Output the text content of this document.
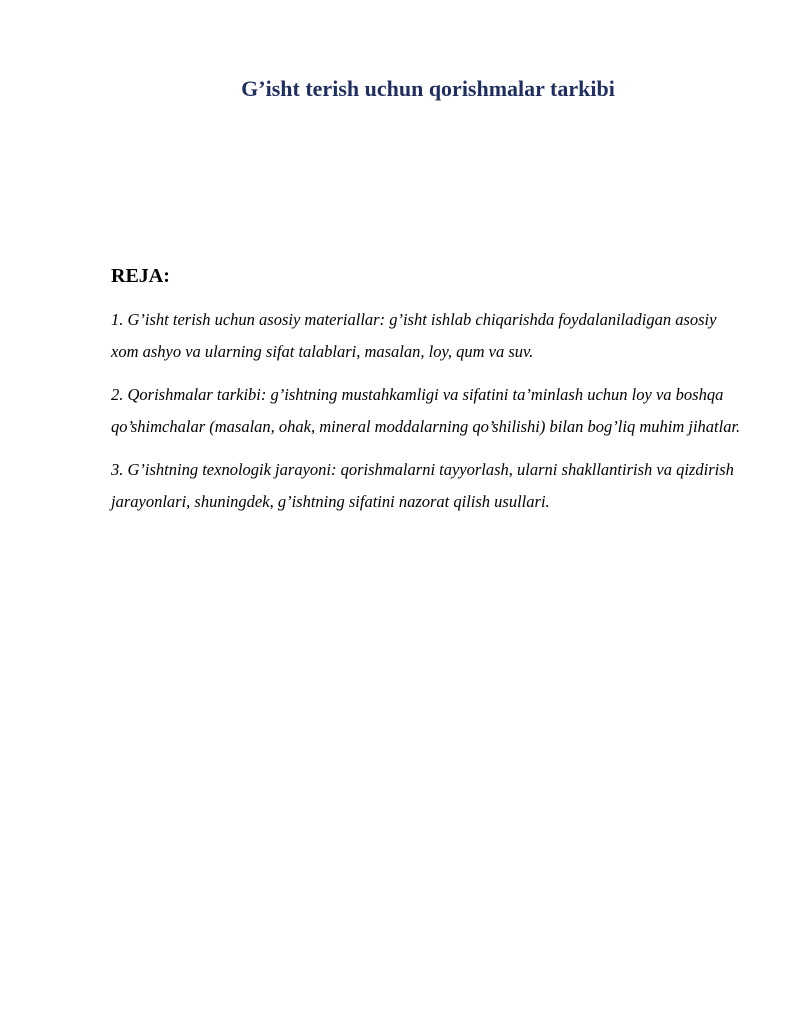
G’isht terish uchun qorishmalar tarkibi
REJA:

1. G’isht terish uchun asosiy materiallar: g’isht ishlab chiqarishda foydalaniladigan asosiy xom ashyo va ularning sifat talablari, masalan, loy, qum va suv.

2. Qorishmalar tarkibi: g’ishtning mustahkamligi va sifatini ta’minlash uchun loy va boshqa qo’shimchalar (masalan, ohak, mineral moddalarning qo’shilishi) bilan bog’liq muhim jihatlar.

3. G’ishtning texnologik jarayoni: qorishmalarni tayyorlash, ularni shakllantirish va qizdirish jarayonlari, shuningdek, g’ishtning sifatini nazorat qilish usullari.
